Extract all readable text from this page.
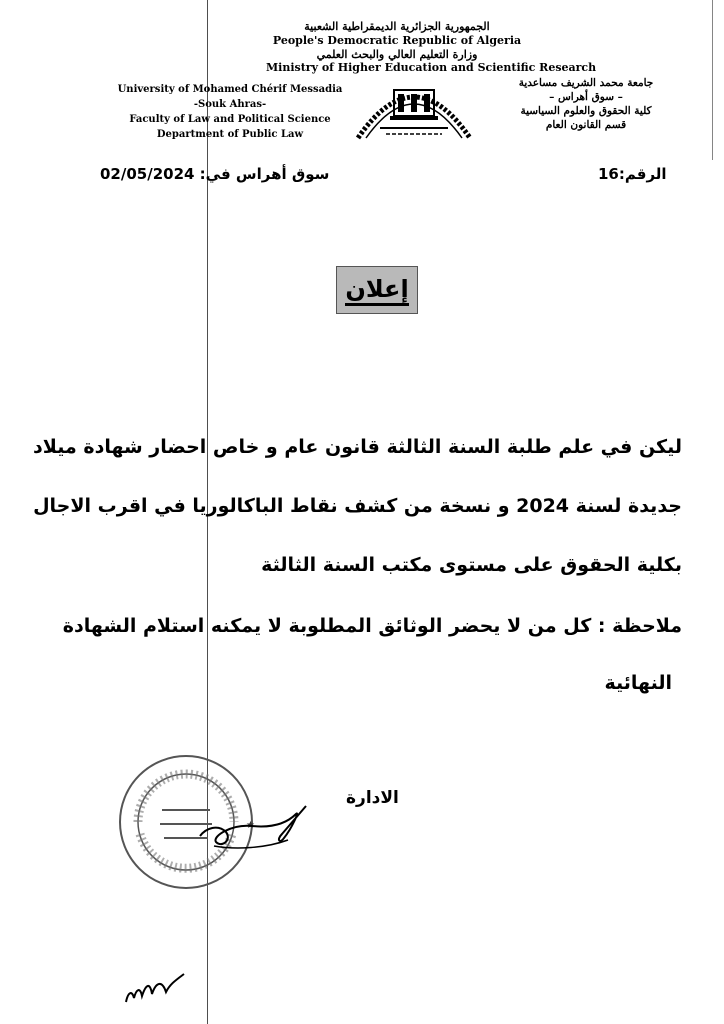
الجمهورية الجزائرية الديمقراطية الشعبية
People's Democratic Republic of Algeria
وزارة التعليم العالي والبحث العلمي
Ministry of Higher Education and Scientific Research
University of Mohamed Chérif Messadia
-Souk Ahras-
Faculty of Law and Political Science
Department of Public Law
جامعة محمد الشريف مساعدية
– سوق أهراس –
كلية الحقوق والعلوم السياسية
قسم القانون العام
سوق أهراس في: 02/05/2024	الرقم:16
إعلان
ليكن في علم طلبة السنة الثالثة قانون عام و خاص احضار شهادة ميلاد
جديدة لسنة 2024 و نسخة من كشف نقاط الباكالوريا في اقرب الاجال
بكلية الحقوق على مستوى مكتب السنة الثالثة
ملاحظة : كل من لا يحضر الوثائق المطلوبة لا يمكنه استلام الشهادة
النهائية
الادارة
★
